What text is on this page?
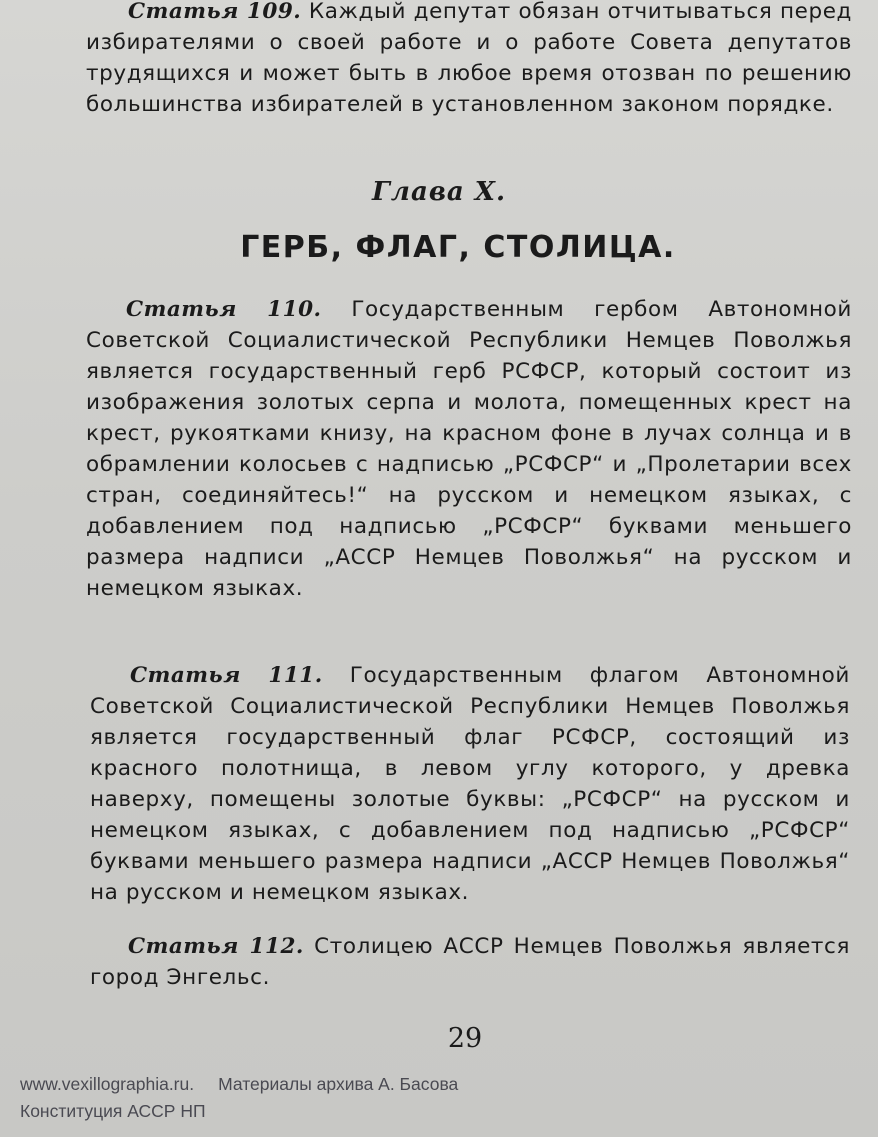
Статья 109. Каждый депутат обязан отчитываться перед избирателями о своей работе и о работе Совета депутатов трудящихся и может быть в любое время отозван по решению большинства избирателей в установленном законом порядке.

Глава X.
ГЕРБ, ФЛАГ, СТОЛИЦА.

Статья 110. Государственным гербом Автономной Советской Социалистической Республики Немцев Поволжья является государственный герб РСФСР, который состоит из изображения золотых серпа и молота, помещенных крест на крест, рукоятками книзу, на красном фоне в лучах солнца и в обрамлении колосьев с надписью „РСФСР“ и „Пролетарии всех стран, соединяйтесь!“ на русском и немецком языках, с добавлением под надписью „РСФСР“ буквами меньшего размера надписи „АССР Немцев Поволжья“ на русском и немецком языках.

Статья 111. Государственным флагом Автономной Советской Социалистической Республики Немцев Поволжья является государственный флаг РСФСР, состоящий из красного полотнища, в левом углу которого, у древка наверху, помещены золотые буквы: „РСФСР“ на русском и немецком языках, с добавлением под надписью „РСФСР“ буквами меньшего размера надписи „АССР Немцев Поволжья“ на русском и немецком языках.

Статья 112. Столицею АССР Немцев Поволжья является город Энгельс.

29
www.vexillographia.ru. Материалы архива А. Басова
Конституция АССР НП
